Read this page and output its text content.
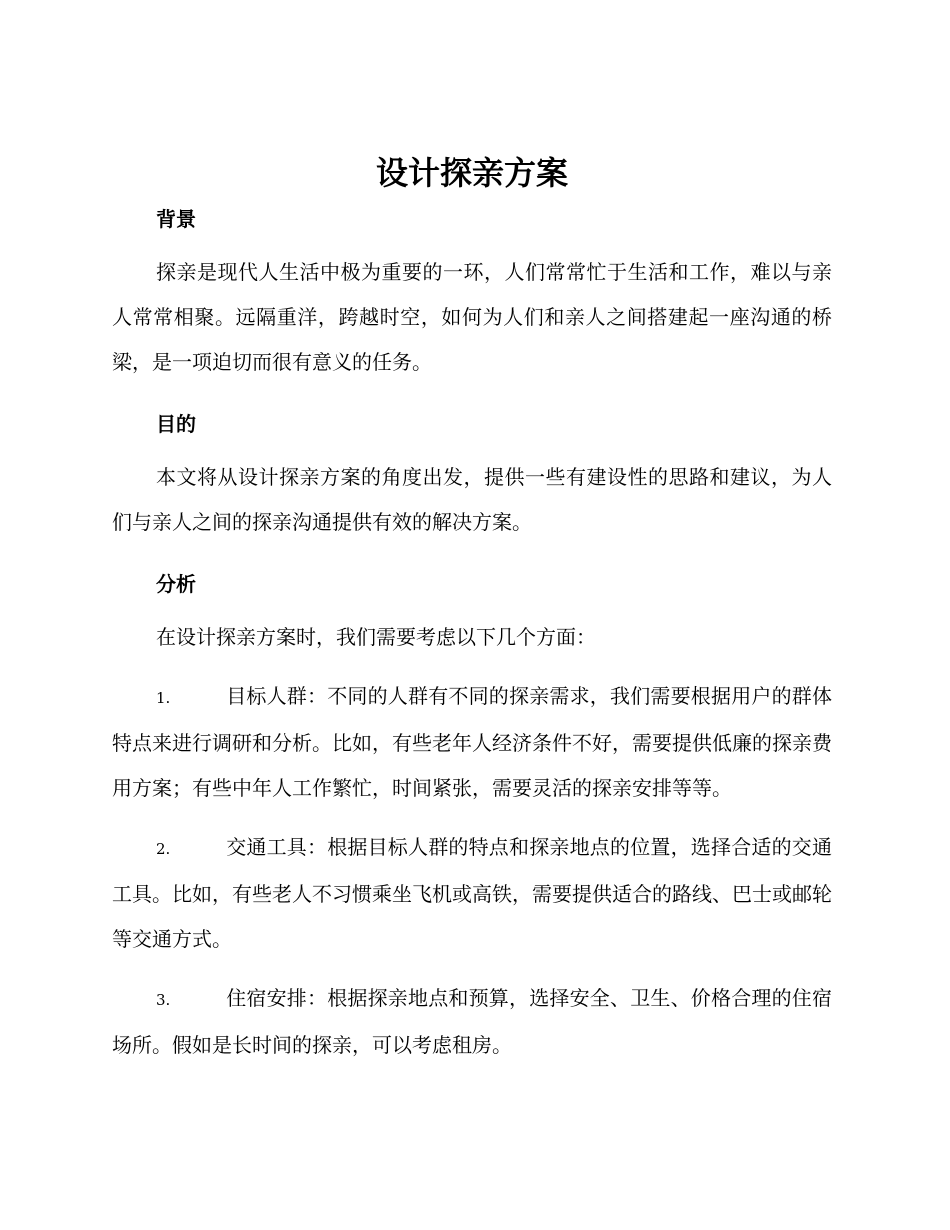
设计探亲方案
背景

探亲是现代人生活中极为重要的一环，人们常常忙于生活和工作，难以与亲人常常相聚。远隔重洋，跨越时空，如何为人们和亲人之间搭建起一座沟通的桥梁，是一项迫切而很有意义的任务。

目的

本文将从设计探亲方案的角度出发，提供一些有建设性的思路和建议，为人们与亲人之间的探亲沟通提供有效的解决方案。

分析

在设计探亲方案时，我们需要考虑以下几个方面：

1.	目标人群：不同的人群有不同的探亲需求，我们需要根据用户的群体特点来进行调研和分析。比如，有些老年人经济条件不好，需要提供低廉的探亲费用方案；有些中年人工作繁忙，时间紧张，需要灵活的探亲安排等等。

2.	交通工具：根据目标人群的特点和探亲地点的位置，选择合适的交通工具。比如，有些老人不习惯乘坐飞机或高铁，需要提供适合的路线、巴士或邮轮等交通方式。

3.	住宿安排：根据探亲地点和预算，选择安全、卫生、价格合理的住宿场所。假如是长时间的探亲，可以考虑租房。
